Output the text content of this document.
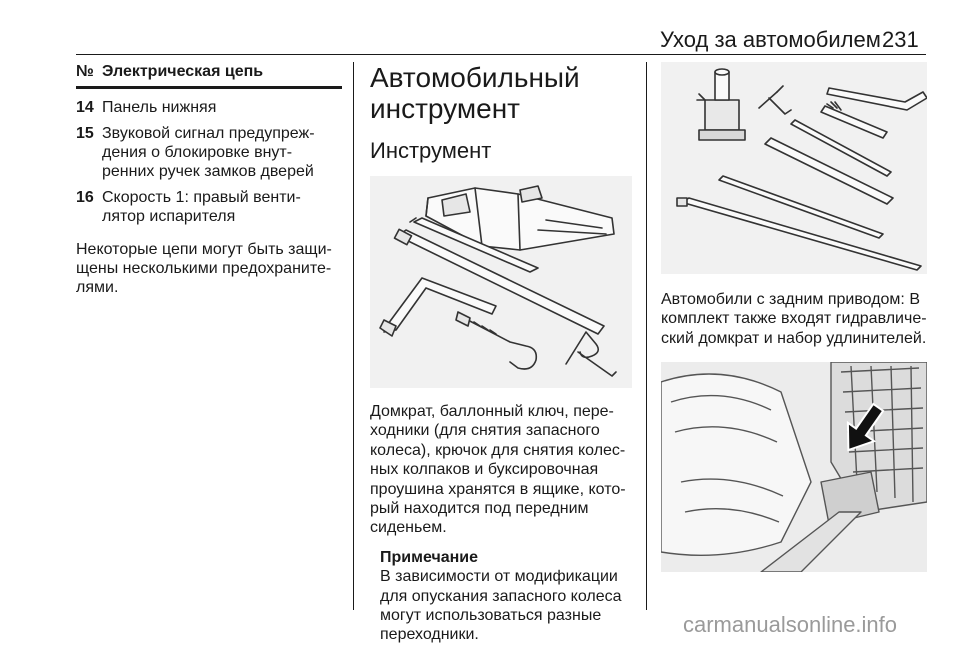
Уход за автомобилем 231
№ Электрическая цепь
14 Панель нижняя
15 Звуковой сигнал предупреж-дения о блокировке внут-ренних ручек замков дверей
16 Скорость 1: правый венти-лятор испарителя
Некоторые цепи могут быть защи-щены несколькими предохраните-лями.
Автомобильный инструмент
Инструмент
Домкрат, баллонный ключ, пере-ходники (для снятия запасного колеса), крючок для снятия колес-ных колпаков и буксировочная проушина хранятся в ящике, кото-рый находится под передним сиденьем.
Примечание
В зависимости от модификации для опускания запасного колеса могут использоваться разные переходники.
Автомобили с задним приводом: В комплект также входят гидравличе-ский домкрат и набор удлинителей.
carmanualsonline.info
